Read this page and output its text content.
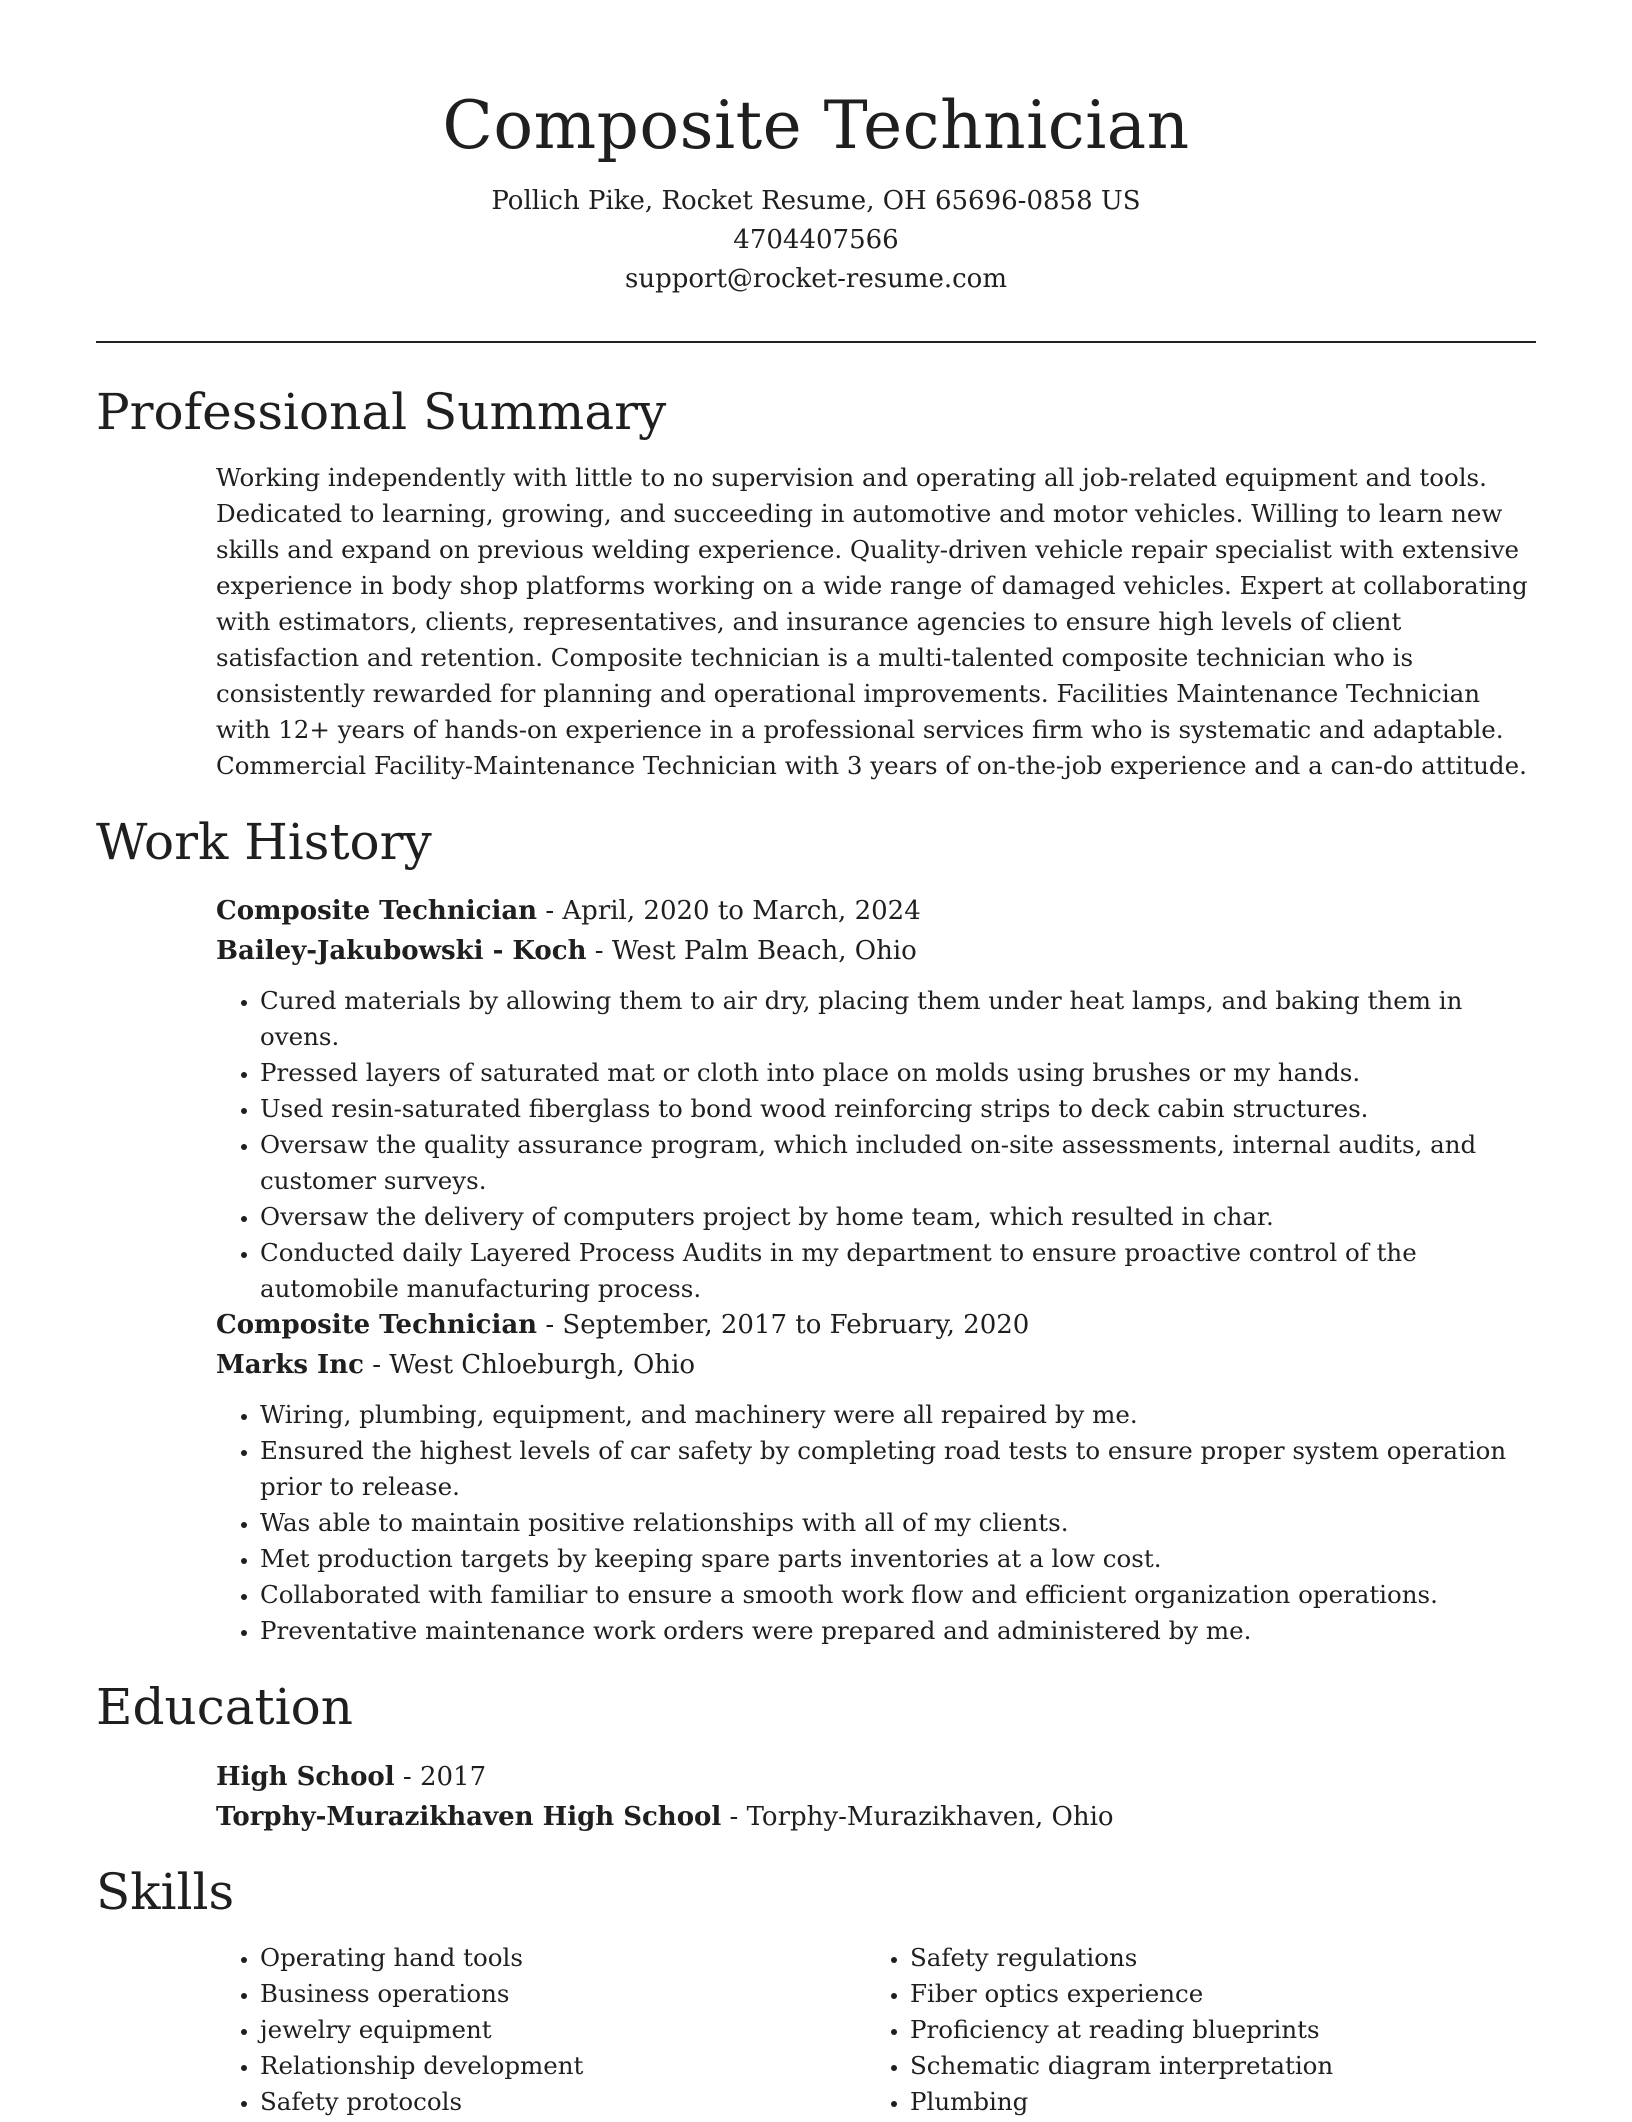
Composite Technician
Pollich Pike, Rocket Resume, OH 65696-0858 US
4704407566
support@rocket-resume.com
Professional Summary

Working independently with little to no supervision and operating all job-related equipment and tools. Dedicated to learning, growing, and succeeding in automotive and motor vehicles. Willing to learn new skills and expand on previous welding experience. Quality-driven vehicle repair specialist with extensive experience in body shop platforms working on a wide range of damaged vehicles. Expert at collaborating with estimators, clients, representatives, and insurance agencies to ensure high levels of client satisfaction and retention. Composite technician is a multi-talented composite technician who is consistently rewarded for planning and operational improvements. Facilities Maintenance Technician with 12+ years of hands-on experience in a professional services firm who is systematic and adaptable. Commercial Facility-Maintenance Technician with 3 years of on-the-job experience and a can-do attitude.

Work History
Composite Technician - April, 2020 to March, 2024
Bailey-Jakubowski - Koch - West Palm Beach, Ohio
• Cured materials by allowing them to air dry, placing them under heat lamps, and baking them in ovens.
• Pressed layers of saturated mat or cloth into place on molds using brushes or my hands.
• Used resin-saturated fiberglass to bond wood reinforcing strips to deck cabin structures.
• Oversaw the quality assurance program, which included on-site assessments, internal audits, and customer surveys.
• Oversaw the delivery of computers project by home team, which resulted in char.
• Conducted daily Layered Process Audits in my department to ensure proactive control of the automobile manufacturing process.
Composite Technician - September, 2017 to February, 2020
Marks Inc - West Chloeburgh, Ohio
• Wiring, plumbing, equipment, and machinery were all repaired by me.
• Ensured the highest levels of car safety by completing road tests to ensure proper system operation prior to release.
• Was able to maintain positive relationships with all of my clients.
• Met production targets by keeping spare parts inventories at a low cost.
• Collaborated with familiar to ensure a smooth work flow and efficient organization operations.
• Preventative maintenance work orders were prepared and administered by me.
Education
High School - 2017
Torphy-Murazikhaven High School - Torphy-Murazikhaven, Ohio
Skills
• Operating hand tools
• Business operations
• jewelry equipment
• Relationship development
• Safety protocols
• Safety regulations
• Fiber optics experience
• Proficiency at reading blueprints
• Schematic diagram interpretation
• Plumbing
